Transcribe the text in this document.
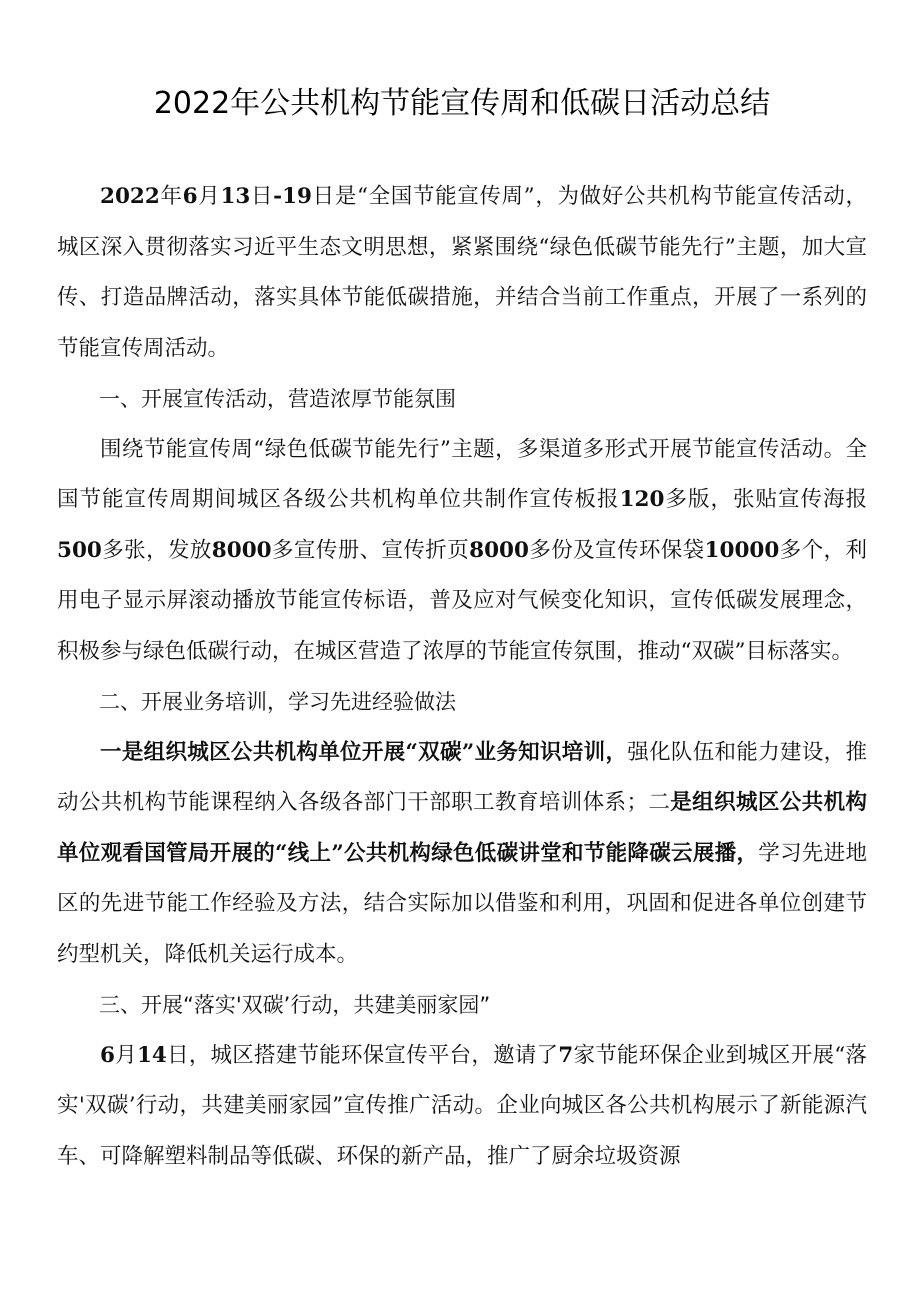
2022年公共机构节能宣传周和低碳日活动总结

2022年6月13日-19日是“全国节能宣传周”，为做好公共机构节能宣传活动，城区深入贯彻落实习近平生态文明思想，紧紧围绕“绿色低碳节能先行”主题，加大宣传、打造品牌活动，落实具体节能低碳措施，并结合当前工作重点，开展了一系列的节能宣传周活动。

一、开展宣传活动，营造浓厚节能氛围

围绕节能宣传周“绿色低碳节能先行”主题，多渠道多形式开展节能宣传活动。全国节能宣传周期间城区各级公共机构单位共制作宣传板报120多版，张贴宣传海报500多张，发放8000多宣传册、宣传折页8000多份及宣传环保袋10000多个，利用电子显示屏滚动播放节能宣传标语，普及应对气候变化知识，宣传低碳发展理念，积极参与绿色低碳行动，在城区营造了浓厚的节能宣传氛围，推动“双碳”目标落实。

二、开展业务培训，学习先进经验做法

一是组织城区公共机构单位开展“双碳”业务知识培训，强化队伍和能力建设，推动公共机构节能课程纳入各级各部门干部职工教育培训体系；二是组织城区公共机构单位观看国管局开展的“线上”公共机构绿色低碳讲堂和节能降碳云展播，学习先进地区的先进节能工作经验及方法，结合实际加以借鉴和利用，巩固和促进各单位创建节约型机关，降低机关运行成本。

三、开展“落实'双碳’行动，共建美丽家园”

6月14日，城区搭建节能环保宣传平台，邀请了7家节能环保企业到城区开展“落实'双碳’行动，共建美丽家园”宣传推广活动。企业向城区各公共机构展示了新能源汽车、可降解塑料制品等低碳、环保的新产品，推广了厨余垃圾资源
